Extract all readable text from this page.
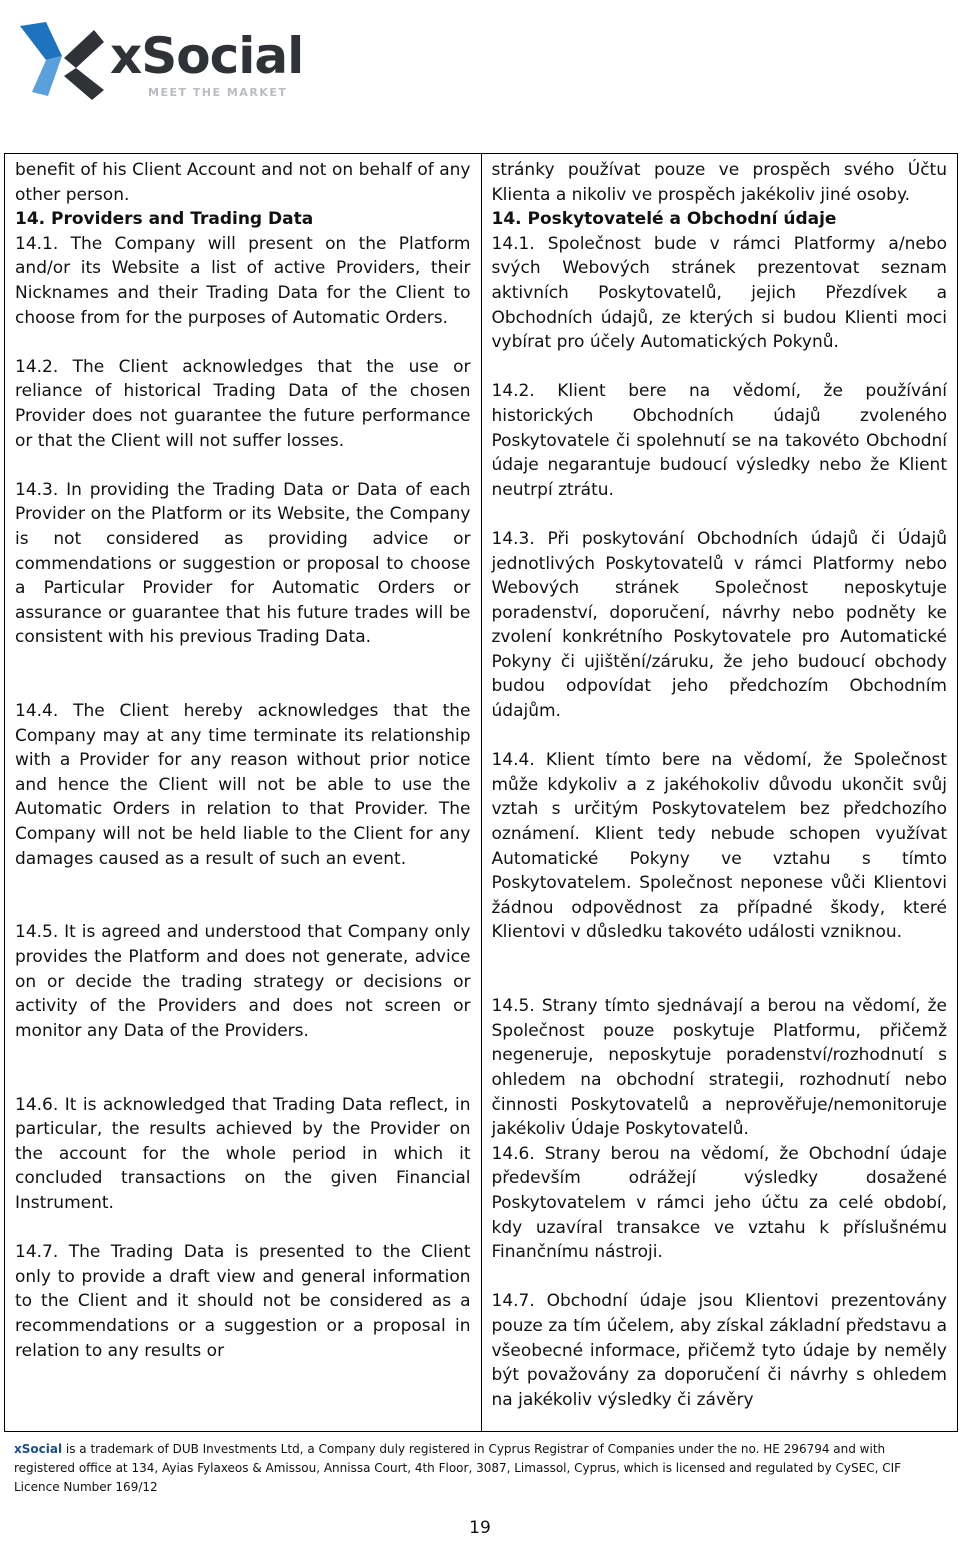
xSocial
MEET THE MARKET

benefit of his Client Account and not on behalf of any other person.

14. Providers and Trading Data

14.1. The Company will present on the Platform and/or its Website a list of active Providers, their Nicknames and their Trading Data for the Client to choose from for the purposes of Automatic Orders.

14.2. The Client acknowledges that the use or reliance of historical Trading Data of the chosen Provider does not guarantee the future performance or that the Client will not suffer losses.

14.3. In providing the Trading Data or Data of each Provider on the Platform or its Website, the Company is not considered as providing advice or commendations or suggestion or proposal to choose a Particular Provider for Automatic Orders or assurance or guarantee that his future trades will be consistent with his previous Trading Data.

14.4. The Client hereby acknowledges that the Company may at any time terminate its relationship with a Provider for any reason without prior notice and hence the Client will not be able to use the Automatic Orders in relation to that Provider. The Company will not be held liable to the Client for any damages caused as a result of such an event.

14.5. It is agreed and understood that Company only provides the Platform and does not generate, advice on or decide the trading strategy or decisions or activity of the Providers and does not screen or monitor any Data of the Providers.

14.6. It is acknowledged that Trading Data reflect, in particular, the results achieved by the Provider on the account for the whole period in which it concluded transactions on the given Financial Instrument.

14.7. The Trading Data is presented to the Client only to provide a draft view and general information to the Client and it should not be considered as a recommendations or a suggestion or a proposal in relation to any results or

stránky používat pouze ve prospěch svého Účtu Klienta a nikoliv ve prospěch jakékoliv jiné osoby.

14. Poskytovatelé a Obchodní údaje

14.1. Společnost bude v rámci Platformy a/nebo svých Webových stránek prezentovat seznam aktivních Poskytovatelů, jejich Přezdívek a Obchodních údajů, ze kterých si budou Klienti moci vybírat pro účely Automatických Pokynů.

14.2. Klient bere na vědomí, že používání historických Obchodních údajů zvoleného Poskytovatele či spolehnutí se na takovéto Obchodní údaje negarantuje budoucí výsledky nebo že Klient neutrpí ztrátu.

14.3. Při poskytování Obchodních údajů či Údajů jednotlivých Poskytovatelů v rámci Platformy nebo Webových stránek Společnost neposkytuje poradenství, doporučení, návrhy nebo podněty ke zvolení konkrétního Poskytovatele pro Automatické Pokyny či ujištění/záruku, že jeho budoucí obchody budou odpovídat jeho předchozím Obchodním údajům.

14.4. Klient tímto bere na vědomí, že Společnost může kdykoliv a z jakéhokoliv důvodu ukončit svůj vztah s určitým Poskytovatelem bez předchozího oznámení. Klient tedy nebude schopen využívat Automatické Pokyny ve vztahu s tímto Poskytovatelem. Společnost neponese vůči Klientovi žádnou odpovědnost za případné škody, které Klientovi v důsledku takovéto události vzniknou.

14.5. Strany tímto sjednávají a berou na vědomí, že Společnost pouze poskytuje Platformu, přičemž negeneruje, neposkytuje poradenství/rozhodnutí s ohledem na obchodní strategii, rozhodnutí nebo činnosti Poskytovatelů a neprověřuje/nemonitoruje jakékoliv Údaje Poskytovatelů.

14.6. Strany berou na vědomí, že Obchodní údaje především odrážejí výsledky dosažené Poskytovatelem v rámci jeho účtu za celé období, kdy uzavíral transakce ve vztahu k příslušnému Finančnímu nástroji.

14.7. Obchodní údaje jsou Klientovi prezentovány pouze za tím účelem, aby získal základní představu a všeobecné informace, přičemž tyto údaje by neměly být považovány za doporučení či návrhy s ohledem na jakékoliv výsledky či závěry

xSocial is a trademark of DUB Investments Ltd, a Company duly registered in Cyprus Registrar of Companies under the no. HE 296794 and with registered office at 134, Ayias Fylaxeos & Amissou, Annissa Court, 4th Floor, 3087, Limassol, Cyprus, which is licensed and regulated by CySEC, CIF Licence Number 169/12
19
